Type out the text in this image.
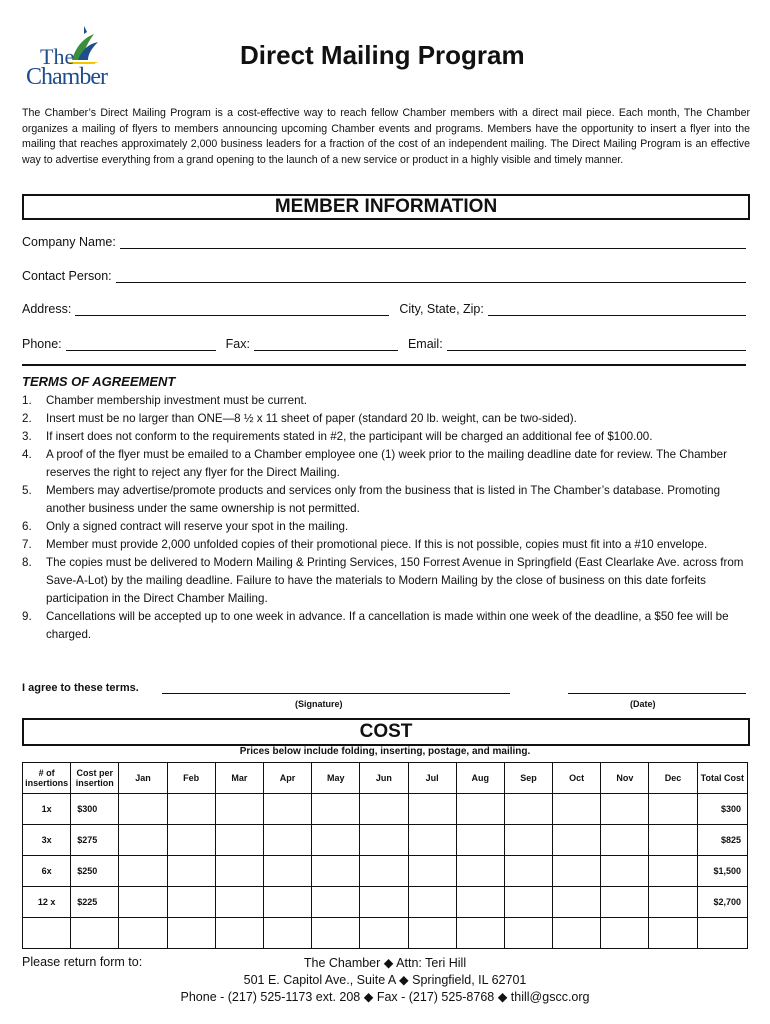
The
Chamber
Direct Mailing Program
The Chamber’s Direct Mailing Program is a cost-effective way to reach fellow Chamber members with a direct mail piece. Each month, The Chamber organizes a mailing of flyers to members announcing upcoming Chamber events and programs. Members have the opportunity to insert a flyer into the mailing that reaches approximately 2,000 business leaders for a fraction of the cost of an independent mailing. The Direct Mailing Program is an effective way to advertise everything from a grand opening to the launch of a new service or product in a highly visible and timely manner.
MEMBER INFORMATION
Company Name:
Contact Person:
Address:	City, State, Zip:
Phone:	Fax:	Email:
TERMS OF AGREEMENT
1. Chamber membership investment must be current.
2. Insert must be no larger than ONE—8 ½ x 11 sheet of paper (standard 20 lb. weight, can be two-sided).
3. If insert does not conform to the requirements stated in #2, the participant will be charged an additional fee of $100.00.
4. A proof of the flyer must be emailed to a Chamber employee one (1) week prior to the mailing deadline date for review. The Chamber reserves the right to reject any flyer for the Direct Mailing.
5. Members may advertise/promote products and services only from the business that is listed in The Chamber’s database. Promoting another business under the same ownership is not permitted.
6. Only a signed contract will reserve your spot in the mailing.
7. Member must provide 2,000 unfolded copies of their promotional piece. If this is not possible, copies must fit into a #10 envelope.
8. The copies must be delivered to Modern Mailing & Printing Services, 150 Forrest Avenue in Springfield (East Clearlake Ave. across from Save-A-Lot) by the mailing deadline. Failure to have the materials to Modern Mailing by the close of business on this date forfeits participation in the Direct Chamber Mailing.
9. Cancellations will be accepted up to one week in advance. If a cancellation is made within one week of the deadline, a $50 fee will be charged.
I agree to these terms.
(Signature)	(Date)
COST
Prices below include folding, inserting, postage, and mailing.
# of insertions	Cost per insertion	Jan	Feb	Mar	Apr	May	Jun	Jul	Aug	Sep	Oct	Nov	Dec	Total Cost
1x	$300													$300
3x	$275													$825
6x	$250													$1,500
12 x	$225													$2,700

Please return form to:	The Chamber ◆ Attn: Teri Hill
501 E. Capitol Ave., Suite A ◆ Springfield, IL 62701
Phone - (217) 525-1173 ext. 208 ◆ Fax - (217) 525-8768 ◆ thill@gscc.org
